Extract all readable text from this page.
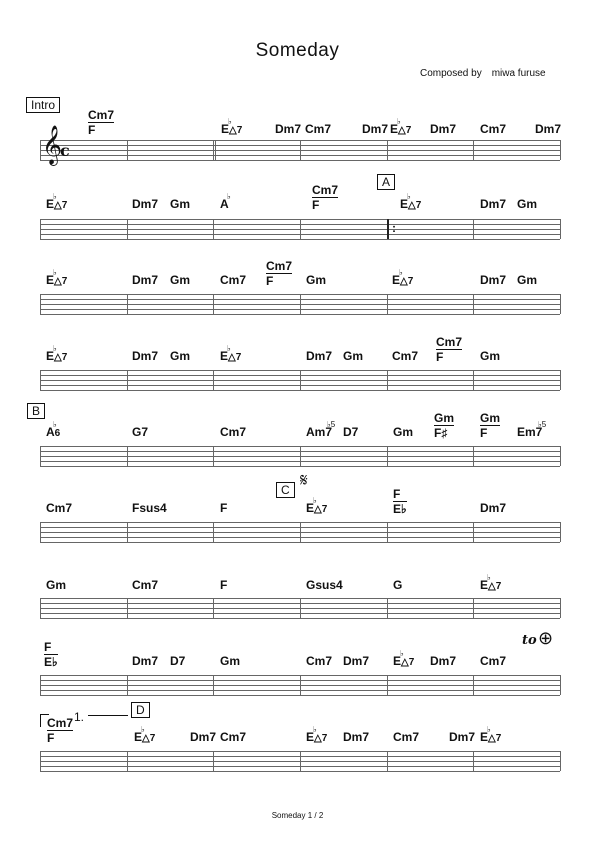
Someday
Composed by　miwa furuse
Cm7
F	E
♭
△7	Dm7 Cm7	Dm7 E
♭
△7 Dm7 Cm7 Dm7
E
♭
△7	Dm7 Gm A
♭	Cm7
F	E
♭
△7	Dm7 Gm
E
♭
△7	Dm7 Gm Cm7
Cm7
F	Gm	E
♭
△7	Dm7 Gm
E
♭
△7	Dm7 Gm E
♭
△7	Dm7 Gm Cm7
Cm7
F	Gm
A
♭
6	G7	Cm7	Am7
♭5
D7	Gm
Gm
F♯
Gm
F	Em7
♭5
Cm7	Fsus4	F	E
♭
△7
F
E♭	Dm7
Gm	Cm7	F	Gsus4	G	E
♭
△7
F
E♭	Dm7 D7	Gm	Cm7 Dm7 E
♭
△7 Dm7 Cm7
Cm7
F	E
♭
△7	Dm7 Cm7	E
♭
△7 Dm7 Cm7 Dm7 E
♭
△7
Intro
A
B
C
D
𝄞
c
:
𝄋
to ⊕
1.
Someday 1 / 2
